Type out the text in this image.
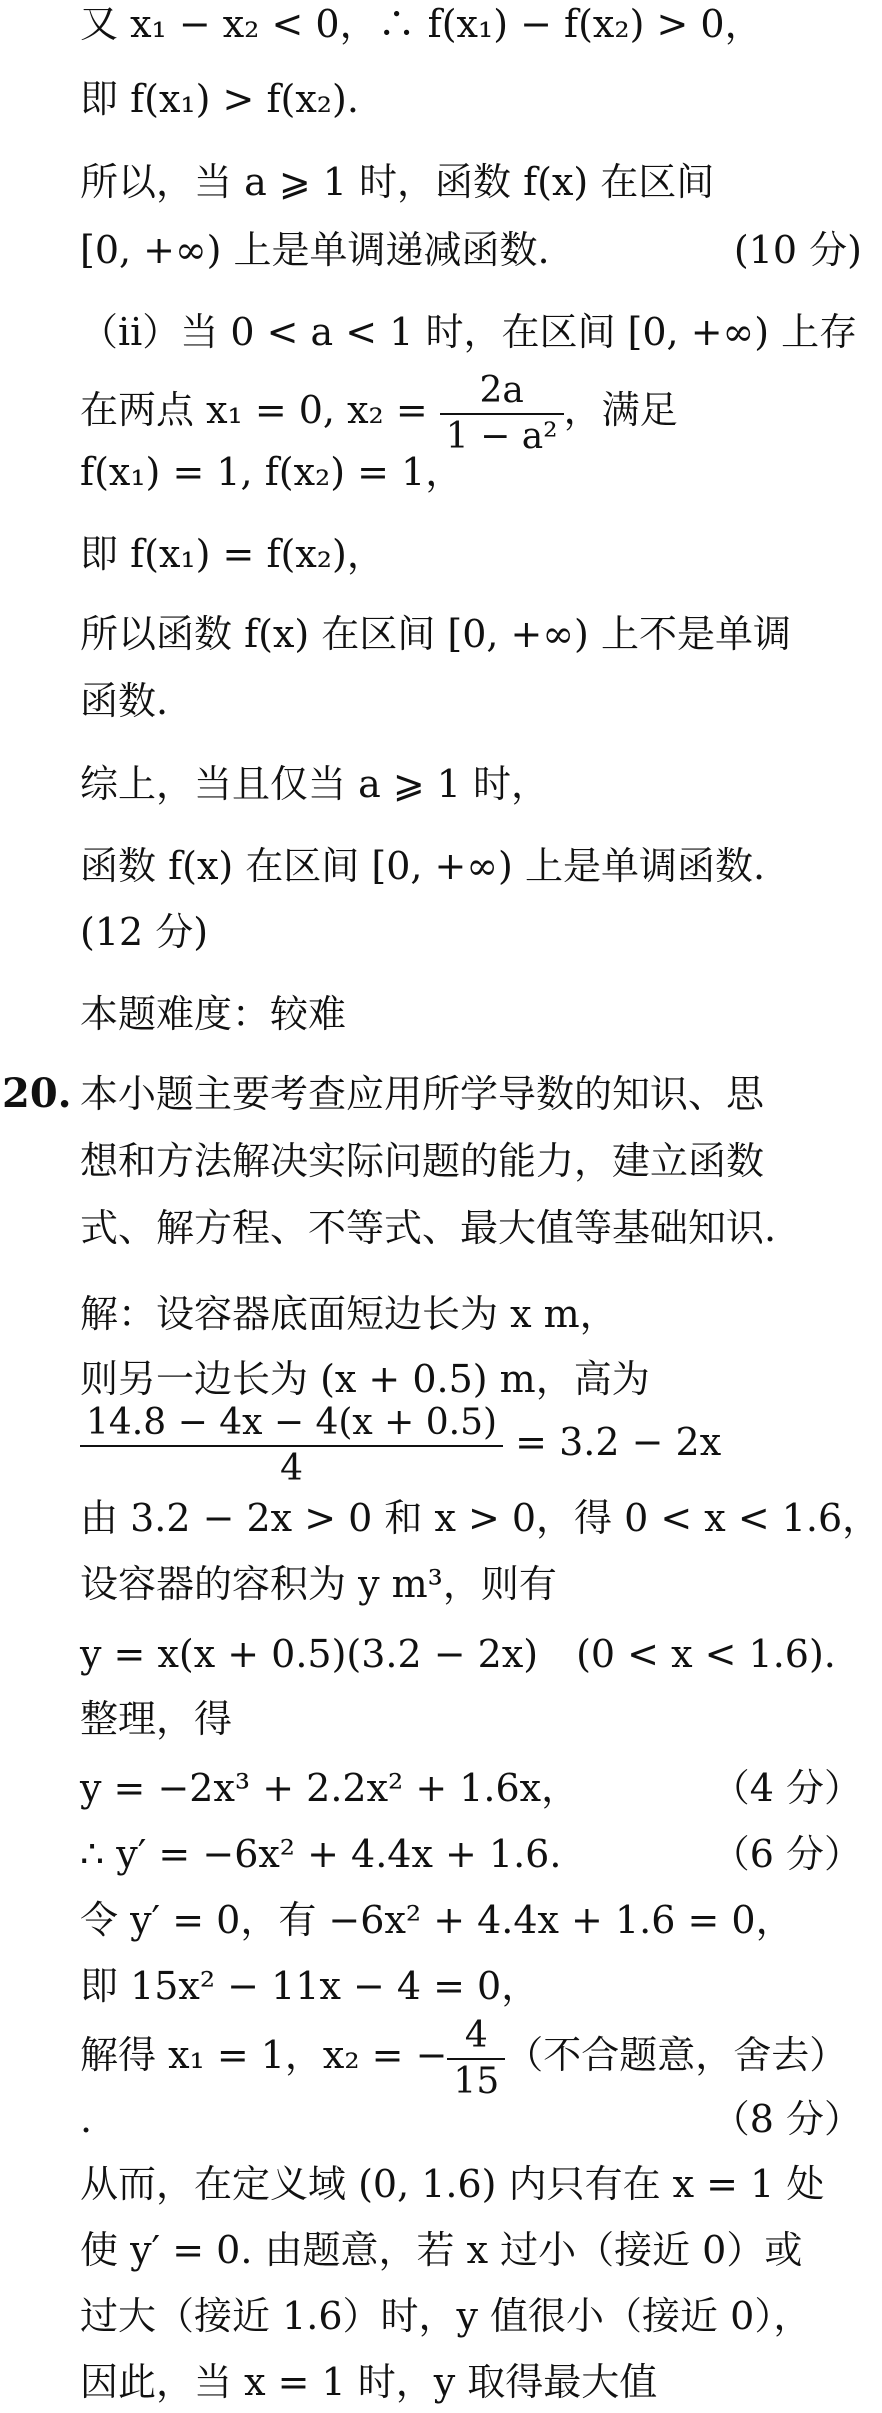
又 x₁ − x₂ < 0，∴ f(x₁) − f(x₂) > 0，
即 f(x₁) > f(x₂).
所以，当 a ⩾ 1 时，函数 f(x) 在区间
[0, +∞) 上是单调递减函数.	(10 分)
（ii）当 0 < a < 1 时，在区间 [0, +∞) 上存
在两点 x₁ = 0, $x_2 = \frac{2a}{\text{1 − a²}}$ ，满足
f(x₁) = 1, f(x₂) = 1，
即 f(x₁) = f(x₂)，
所以函数 f(x) 在区间 [0, +∞) 上不是单调
函数.
综上，当且仅当 a ⩾ 1 时，
函数 f(x) 在区间 [0, +∞) 上是单调函数.
(12 分)
本题难度：较难
20. 本小题主要考查应用所学导数的知识、思
想和方法解决实际问题的能力，建立函数
式、解方程、不等式、最大值等基础知识.
解：设容器底面短边长为 x m，
则另一边长为 (x + 0.5) m，高为
$\frac{14.8 - 4x - 4(x + 0.5)}{4} = 3.2 - 2x$
由 3.2 − 2x > 0 和 x > 0，得 0 < x < 1.6，
设容器的容积为 y m³，则有
y = x(x + 0.5)(3.2 − 2x)　(0 < x < 1.6).
整理，得
y = −2x³ + 2.2x² + 1.6x，	（4 分）
∴ y′ = −6x² + 4.4x + 1.6.	（6 分）
令 y′ = 0，有 −6x² + 4.4x + 1.6 = 0，
即 15x² − 11x − 4 = 0，
解得 x₁ = 1，x₂ = − $\frac{4}{15}$ （不合题意，舍去）
.	（8 分）
从而，在定义域 (0, 1.6) 内只有在 x = 1 处
使 y′ = 0. 由题意，若 x 过小（接近 0）或
过大（接近 1.6）时，y 值很小（接近 0），
因此，当 x = 1 时，y 取得最大值
